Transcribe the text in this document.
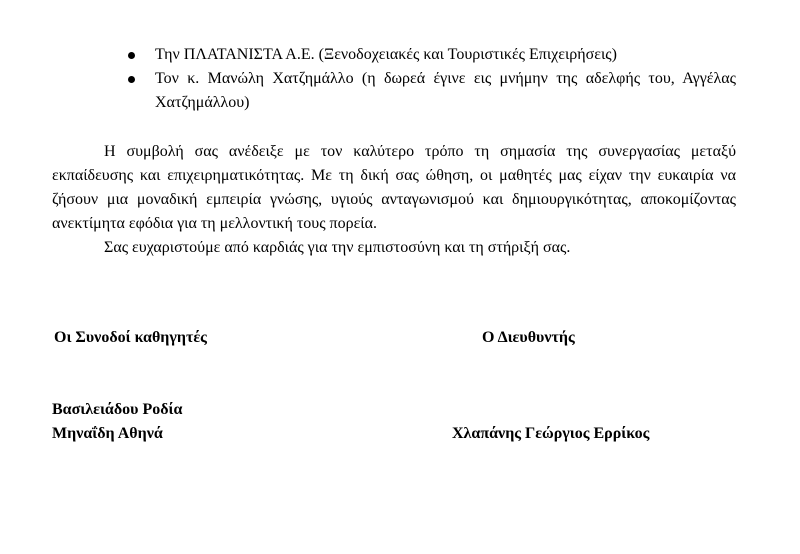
Την ΠΛΑΤΑΝΙΣΤΑ Α.Ε. (Ξενοδοχειακές και Τουριστικές Επιχειρήσεις)
Τον κ. Μανώλη Χατζημάλλο (η δωρεά έγινε εις μνήμην της αδελφής του, Αγγέλας Χατζημάλλου)

Η συμβολή σας ανέδειξε με τον καλύτερο τρόπο τη σημασία της συνεργασίας μεταξύ εκπαίδευσης και επιχειρηματικότητας. Με τη δική σας ώθηση, οι μαθητές μας είχαν την ευκαιρία να ζήσουν μια μοναδική εμπειρία γνώσης, υγιούς ανταγωνισμού και δημιουργικότητας, αποκομίζοντας ανεκτίμητα εφόδια για τη μελλοντική τους πορεία.

Σας ευχαριστούμε από καρδιάς για την εμπιστοσύνη και τη στήριξή σας.

Οι Συνοδοί καθηγητές	Ο Διευθυντής
Βασιλειάδου Ροδία
Μηναΐδη Αθηνά	Χλαπάνης Γεώργιος Ερρίκος
